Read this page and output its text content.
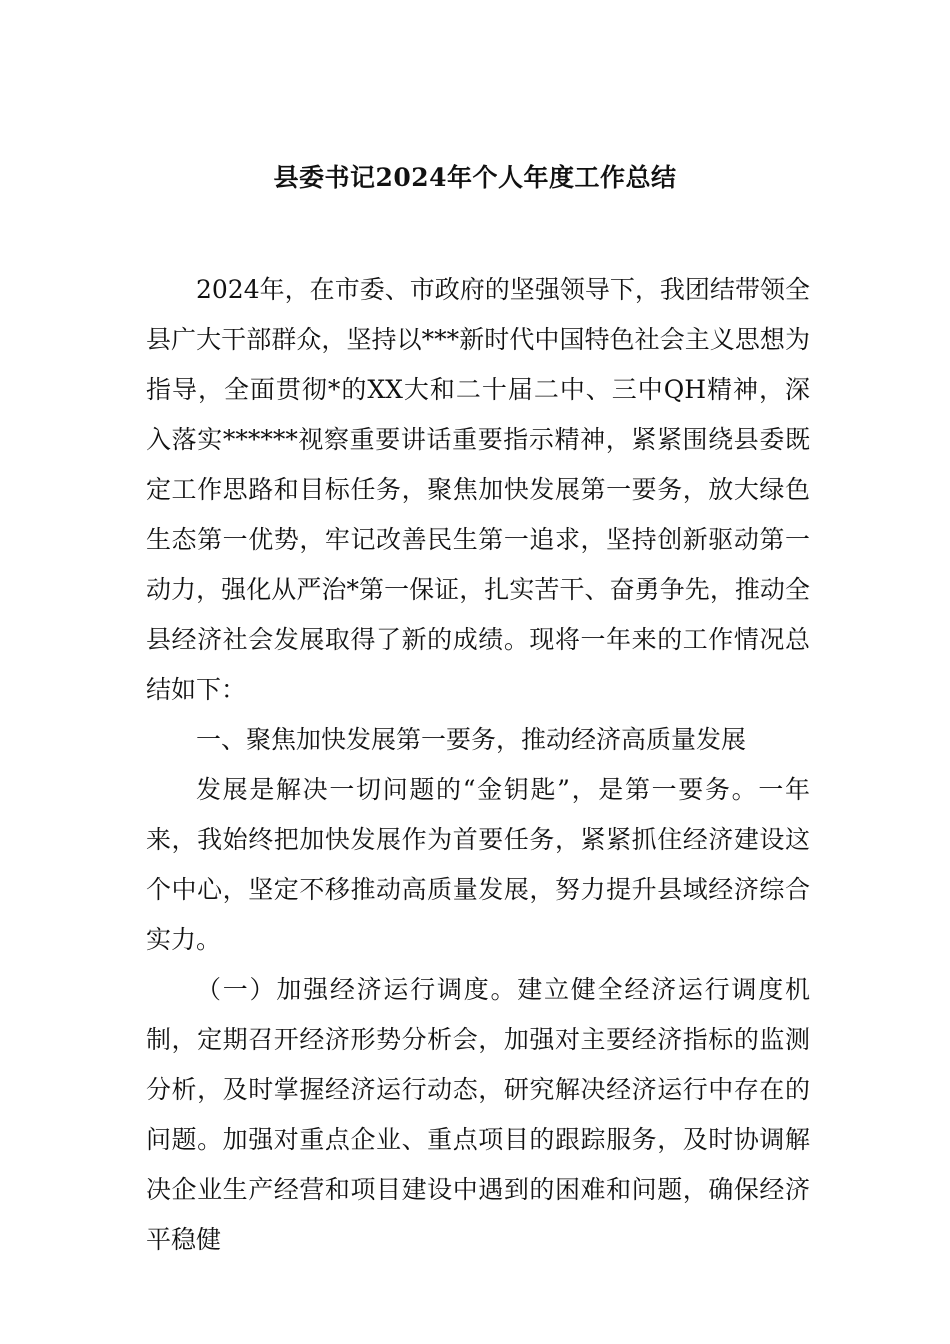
县委书记2024年个人年度工作总结

2024年，在市委、市政府的坚强领导下，我团结带领全县广大干部群众，坚持以***新时代中国特色社会主义思想为指导，全面贯彻*的XX大和二十届二中、三中QH精神，深入落实******视察重要讲话重要指示精神，紧紧围绕县委既定工作思路和目标任务，聚焦加快发展第一要务，放大绿色生态第一优势，牢记改善民生第一追求，坚持创新驱动第一动力，强化从严治*第一保证，扎实苦干、奋勇争先，推动全县经济社会发展取得了新的成绩。现将一年来的工作情况总结如下：

一、聚焦加快发展第一要务，推动经济高质量发展

发展是解决一切问题的“金钥匙”，是第一要务。一年来，我始终把加快发展作为首要任务，紧紧抓住经济建设这个中心，坚定不移推动高质量发展，努力提升县域经济综合实力。

（一）加强经济运行调度。建立健全经济运行调度机制，定期召开经济形势分析会，加强对主要经济指标的监测分析，及时掌握经济运行动态，研究解决经济运行中存在的问题。加强对重点企业、重点项目的跟踪服务，及时协调解决企业生产经营和项目建设中遇到的困难和问题，确保经济平稳健
